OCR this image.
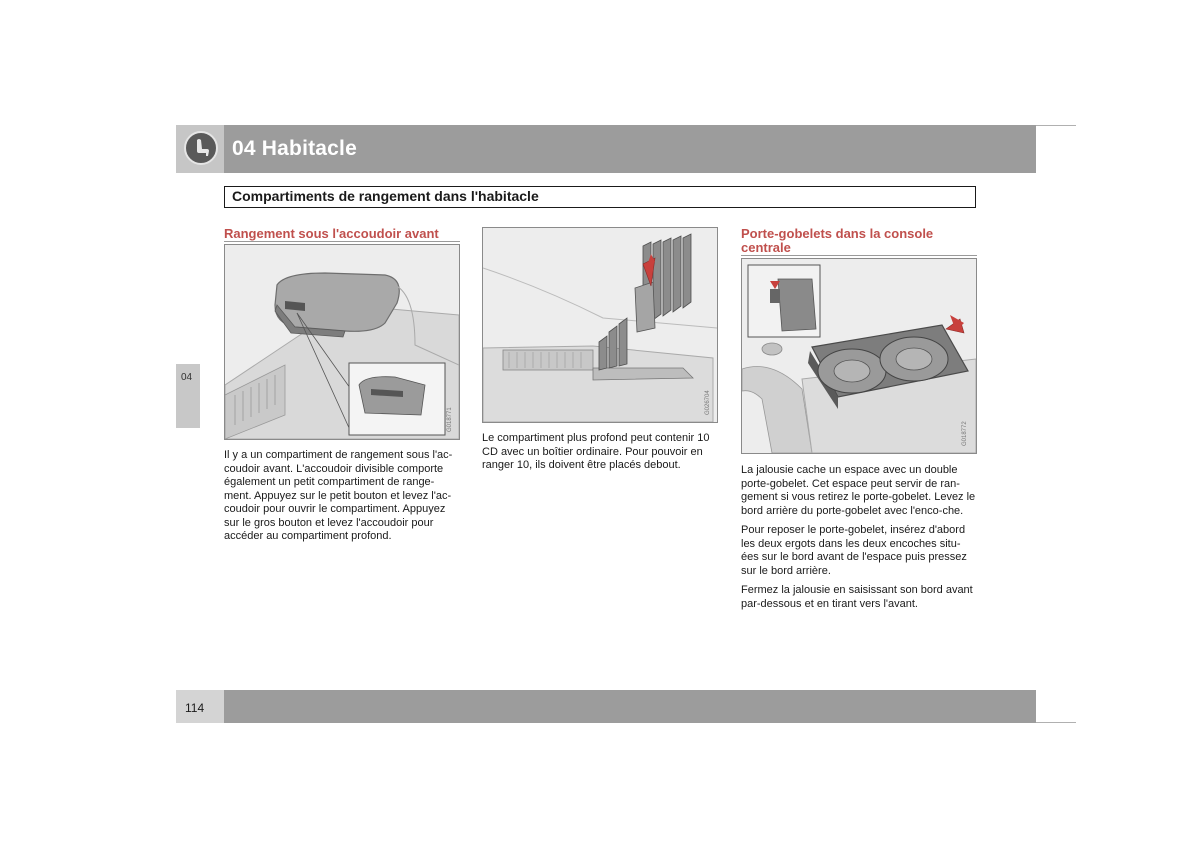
04 Habitacle
Compartiments de rangement dans l'habitacle
04
Rangement sous l'accoudoir avant
G018771

Il y a un compartiment de rangement sous l'ac-coudoir avant. L'accoudoir divisible comporte également un petit compartiment de range-ment. Appuyez sur le petit bouton et levez l'ac-coudoir pour ouvrir le compartiment. Appuyez sur le gros bouton et levez l'accoudoir pour accéder au compartiment profond.

G026704

Le compartiment plus profond peut contenir 10 CD avec un boîtier ordinaire. Pour pouvoir en ranger 10, ils doivent être placés debout.

Porte-gobelets dans la console centrale
G018772

La jalousie cache un espace avec un double porte-gobelet. Cet espace peut servir de ran-gement si vous retirez le porte-gobelet. Levez le bord arrière du porte-gobelet avec l'enco-che.

Pour reposer le porte-gobelet, insérez d'abord les deux ergots dans les deux encoches situ-ées sur le bord avant de l'espace puis pressez sur le bord arrière.

Fermez la jalousie en saisissant son bord avant par-dessous et en tirant vers l'avant.

114
